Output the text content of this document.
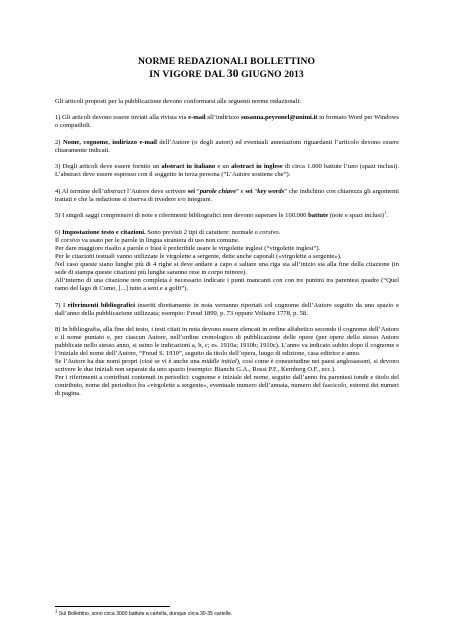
NORME REDAZIONALI BOLLETTINO
IN VIGORE DAL 30 GIUGNO 2013

Gli articoli proposti per la pubblicazione devono conformarsi alle seguenti norme redazionali:

1) Gli articoli devono essere inviati alla rivista via e-mail all’indirizzo susanna.peyronel@unimi.it in formato Word per Windows o compatibili.

2) Nome, cognome, indirizzo e-mail dell’Autore (o degli autori) ed eventuali annotazioni riguardanti l’articolo devono essere chiaramente indicati.

3) Degli articoli deve essere fornito un abstract in italiano e un abstract in inglese di circa 1.000 battute l’uno (spazi inclusi). L’abstract deve essere espresso con il soggetto in terza persona (“L’Autore sostiene che”).

4) Al termine dell’abstract l’Autore deve scrivere sei “parole chiave” e sei “key words” che indichino con chiarezza gli argomenti trattati e che la redazione si riserva di rivedere e/o integrare.

5) I singoli saggi comprensivi di note e riferimenti bibliografici non devono superare le 100.000 battute (note e spazi inclusi)$^1$.

6) Impostazione testo e citazioni. Sono previsti 2 tipi di carattere: normale e corsivo.

Il corsivo va usato per le parole in lingua straniera di uso non comune.

Per dare maggiore risalto a parole o frasi è preferibile usare le virgolette inglesi (“virgolette inglesi”).

Per le citazioni testuali vanno utilizzate le virgolette a sergente, dette anche caporali («virgolette a sergente»).

Nel caso queste siano lunghe più di 4 righe si deve andare a capo e saltare una riga sia all’inizio sia alla fine della citazione (in sede di stampa queste citazioni più lunghe saranno rese in corpo minore).

All’interno di una citazione non completa è necessario indicare i punti mancanti con con tre puntini tra parentesi quadre (“Quel ramo del lago di Como, [...] tutto a seni e a golfi”).

7) I riferimenti bibliografici inseriti direttamente in nota verranno riportati col cognome dell’Autore seguito da uno spazio e dall’anno della pubblicazione utilizzata; esempio: Freud 1899, p. 73 oppure Voltaire 1778, p. 58.

8) In bibliografia, alla fine del testo, i testi citati in nota devono essere elencati in ordine alfabetico secondo il cognome dell’Autore e il nome puntato e, per ciascun Autore, nell’ordine cronologico di pubblicazione delle opere (per opere dello stesso Autore pubblicate nello stesso anno, si usino le indicazioni a, b, c; es. 1910a; 1910b; 1910c). L’anno va indicato subito dopo il cognome e l’iniziale del nome dell’Autore, “Freud S. 1910”, seguito da titolo dell’opera, luogo di edizione, casa editrice e anno.

Se l’Autore ha due nomi propri (cioè se vi è anche una middle initial), così come è consuetudine nei paesi anglosassoni, si devono scrivere le due iniziali non separate da uno spazio (esempio: Bianchi G.A., Rossi P.F., Kernberg O.F., ecc.).

Per i riferimenti a contributi contenuti in periodici: cognome e iniziale del nome, seguito dall’anno fra parentesi tonde e titolo del contributo, nome del periodico fra «virgolette a sergente», eventuale numero dell’annata, numero del fascicolo, estremi dei numeri di pagina.

$^1$ Sul Bollettino, sono circa 3000 battute a cartella, dunque circa 30-35 cartelle.
